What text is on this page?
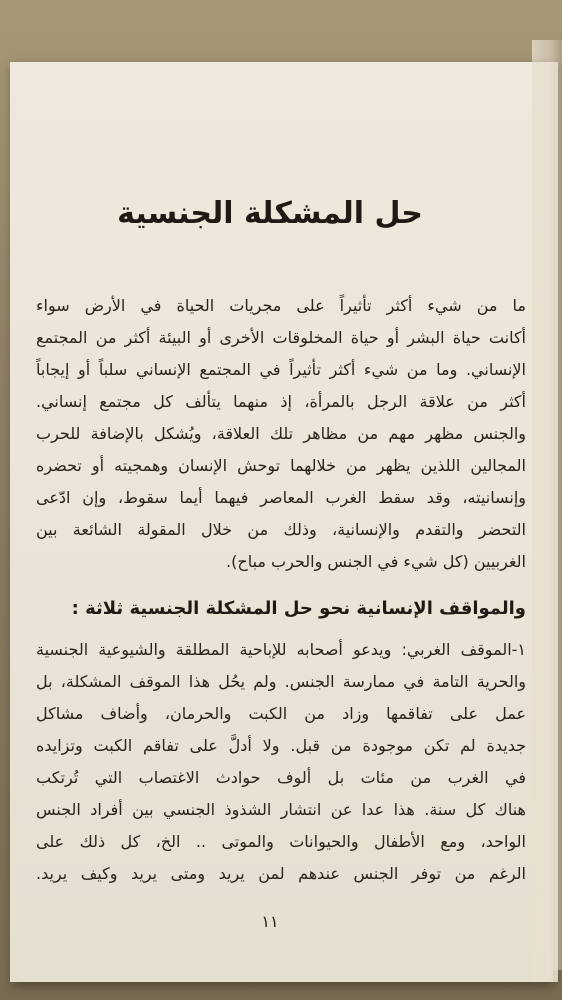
حل المشكلة الجنسية
ما من شيء أكثر تأثيراً على مجريات الحياة في الأرض سواء
أكانت حياة البشر أو حياة المخلوقات الأخرى أو البيئة أكثر من المجتمع
الإنساني. وما من شيء أكثر تأثيراً في المجتمع الإنساني سلباً أو إيجاباً
أكثر من علاقة الرجل بالمرأة، إذ منهما يتألف كل مجتمع إنساني.
والجنس مظهر مهم من مظاهر تلك العلاقة، ويُشكل بالإضافة للحرب
المجالين اللذين يظهر من خلالهما توحش الإنسان وهمجيته أو تحضره
وإنسانيته، وقد سقط الغرب المعاصر فيهما أيما سقوط، وإن ادّعى
التحضر والتقدم والإنسانية، وذلك من خلال المقولة الشائعة بين
الغربيين (كل شيء في الجنس والحرب مباح).
والمواقف الإنسانية نحو حل المشكلة الجنسية ثلاثة :
١-الموقف الغربي: ويدعو أصحابه للإباحية المطلقة والشيوعية الجنسية
والحرية التامة في ممارسة الجنس. ولم يحُل هذا الموقف المشكلة، بل
عمل على تفاقمها وزاد من الكبت والحرمان، وأضاف مشاكل
جديدة لم تكن موجودة من قبل. ولا أدلَّ على تفاقم الكبت وتزايده
في الغرب من مئات بل ألوف حوادث الاغتصاب التي تُرتكب
هناك كل سنة. هذا عدا عن انتشار الشذوذ الجنسي بين أفراد الجنس
الواحد، ومع الأطفال والحيوانات والموتى .. الخ، كل ذلك على
الرغم من توفر الجنس عندهم لمن يريد ومتى يريد وكيف يريد.
١١
